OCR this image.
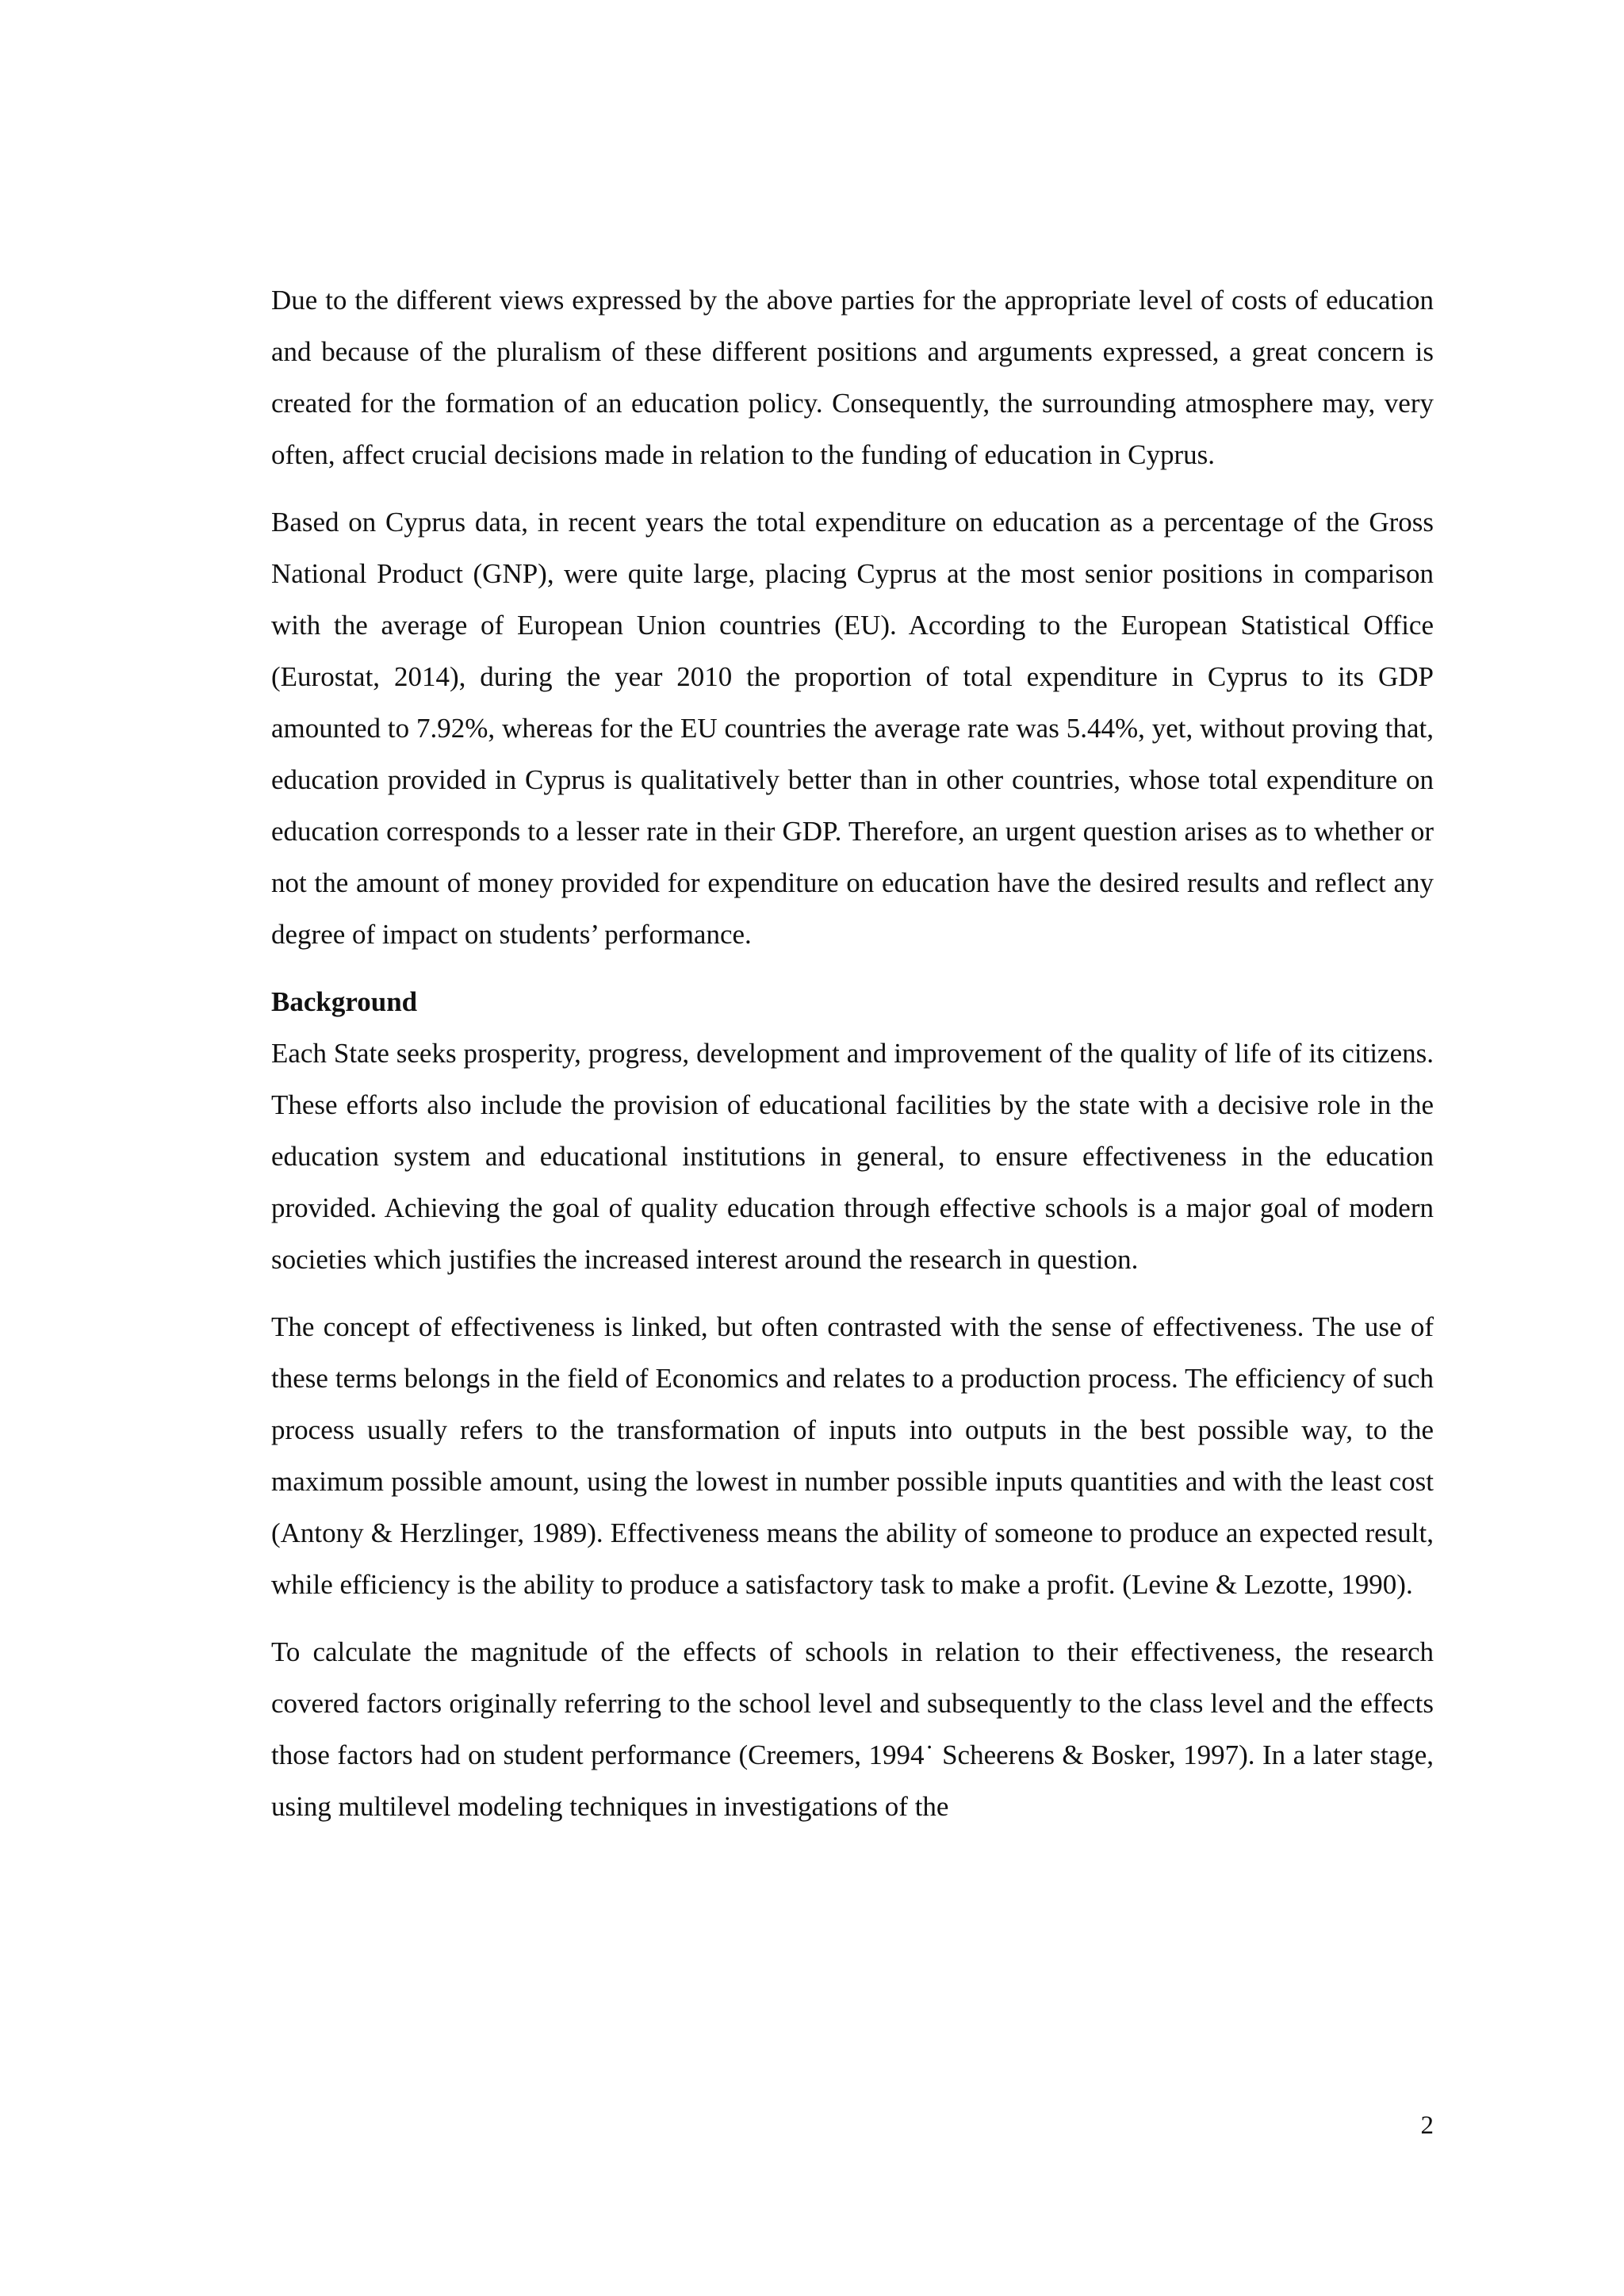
Due to the different views expressed by the above parties for the appropriate level of costs of education and because of the pluralism of these different positions and arguments expressed, a great concern is created for the formation of an education policy. Consequently, the surrounding atmosphere may, very often, affect crucial decisions made in relation to the funding of education in Cyprus.

Based on Cyprus data, in recent years the total expenditure on education as a percentage of the Gross National Product (GNP), were quite large, placing Cyprus at the most senior positions in comparison with the average of European Union countries (EU). According to the European Statistical Office (Eurostat, 2014), during the year 2010 the proportion of total expenditure in Cyprus to its GDP amounted to 7.92%, whereas for the EU countries the average rate was 5.44%, yet, without proving that, education provided in Cyprus is qualitatively better than in other countries, whose total expenditure on education corresponds to a lesser rate in their GDP. Therefore, an urgent question arises as to whether or not the amount of money provided for expenditure on education have the desired results and reflect any degree of impact on students’ performance.

Background

Each State seeks prosperity, progress, development and improvement of the quality of life of its citizens. These efforts also include the provision of educational facilities by the state with a decisive role in the education system and educational institutions in general, to ensure effectiveness in the education provided. Achieving the goal of quality education through effective schools is a major goal of modern societies which justifies the increased interest around the research in question.

The concept of effectiveness is linked, but often contrasted with the sense of effectiveness. The use of these terms belongs in the field of Economics and relates to a production process. The efficiency of such process usually refers to the transformation of inputs into outputs in the best possible way, to the maximum possible amount, using the lowest in number possible inputs quantities and with the least cost (Antony & Herzlinger, 1989). Effectiveness means the ability of someone to produce an expected result, while efficiency is the ability to produce a satisfactory task to make a profit. (Levine & Lezotte, 1990).

To calculate the magnitude of the effects of schools in relation to their effectiveness, the research covered factors originally referring to the school level and subsequently to the class level and the effects those factors had on student performance (Creemers, 1994˙ Scheerens & Bosker, 1997). In a later stage, using multilevel modeling techniques in investigations of the

2
